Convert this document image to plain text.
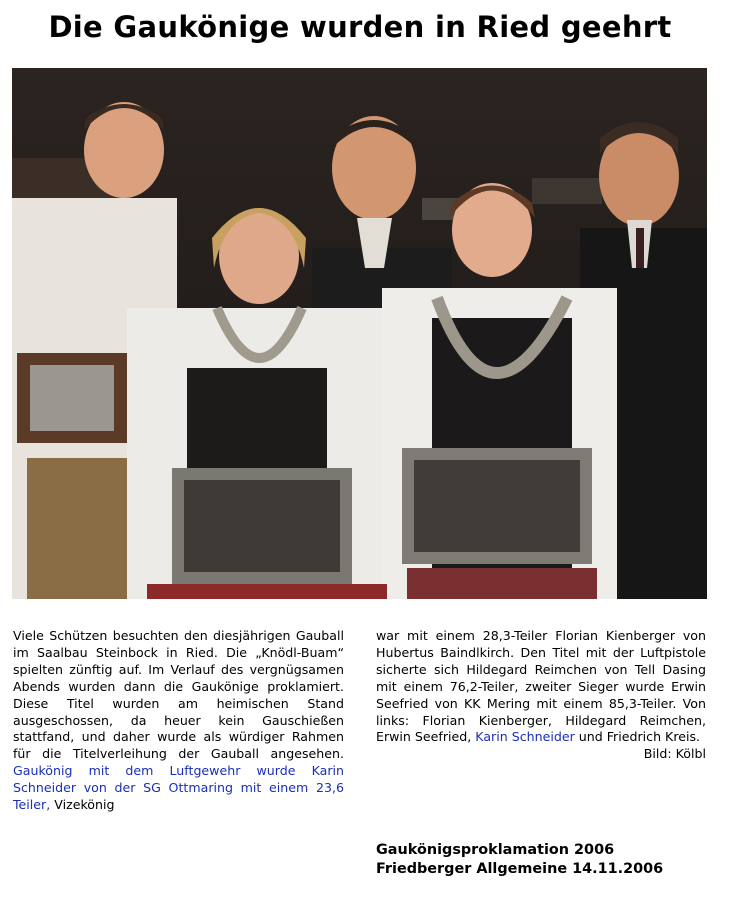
Die Gaukönige wurden in Ried geehrt
Viele Schützen besuchten den diesjährigen Gauball im Saalbau Steinbock in Ried. Die „Knödl-Buam“ spielten zünftig auf. Im Verlauf des vergnügsamen Abends wurden dann die Gaukönige proklamiert. Diese Titel wurden am heimischen Stand ausgeschossen, da heuer kein Gauschießen stattfand, und daher wurde als würdiger Rahmen für die Titelverleihung der Gauball angesehen. Gaukönig mit dem Luftgewehr wurde Karin Schneider von der SG Ottmaring mit einem 23,6 Teiler, Vizekönig
war mit einem 28,3-Teiler Florian Kienberger von Hubertus Baindlkirch. Den Titel mit der Luftpistole sicherte sich Hildegard Reimchen von Tell Dasing mit einem 76,2-Teiler, zweiter Sieger wurde Erwin Seefried von KK Mering mit einem 85,3-Teiler. Von links: Florian Kienberger, Hildegard Reimchen, Erwin Seefried, Karin Schneider und Friedrich Kreis.
Bild: Kölbl
Gaukönigsproklamation 2006
Friedberger Allgemeine 14.11.2006
